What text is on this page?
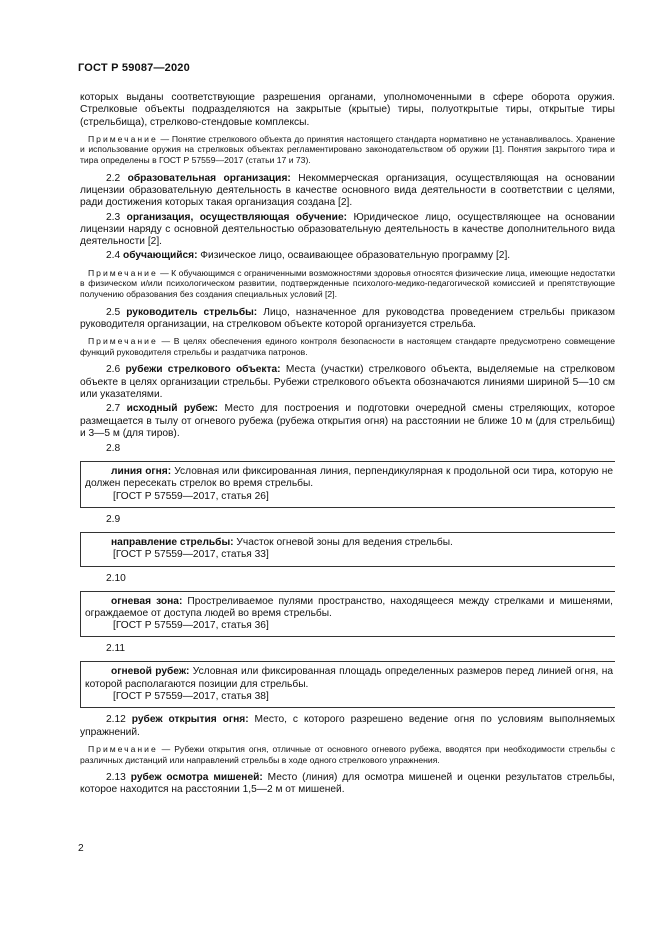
ГОСТ Р 59087—2020

которых выданы соответствующие разрешения органами, уполномоченными в сфере оборота оружия. Стрелковые объекты подразделяются на закрытые (крытые) тиры, полуоткрытые тиры, открытые тиры (стрельбища), стрелково-стендовые комплексы.

Примечание — Понятие стрелкового объекта до принятия настоящего стандарта нормативно не устанавливалось. Хранение и использование оружия на стрелковых объектах регламентировано законодательством об оружии [1]. Понятия закрытого тира и тира определены в ГОСТ Р 57559—2017 (статьи 17 и 73).

2.2 образовательная организация: Некоммерческая организация, осуществляющая на основании лицензии образовательную деятельность в качестве основного вида деятельности в соответствии с целями, ради достижения которых такая организация создана [2].

2.3 организация, осуществляющая обучение: Юридическое лицо, осуществляющее на основании лицензии наряду с основной деятельностью образовательную деятельность в качестве дополнительного вида деятельности [2].

2.4 обучающийся: Физическое лицо, осваивающее образовательную программу [2].

Примечание — К обучающимся с ограниченными возможностями здоровья относятся физические лица, имеющие недостатки в физическом и/или психологическом развитии, подтвержденные психолого-медико-педагогической комиссией и препятствующие получению образования без создания специальных условий [2].

2.5 руководитель стрельбы: Лицо, назначенное для руководства проведением стрельбы приказом руководителя организации, на стрелковом объекте которой организуется стрельба.

Примечание — В целях обеспечения единого контроля безопасности в настоящем стандарте предусмотрено совмещение функций руководителя стрельбы и раздатчика патронов.

2.6 рубежи стрелкового объекта: Места (участки) стрелкового объекта, выделяемые на стрелковом объекте в целях организации стрельбы. Рубежи стрелкового объекта обозначаются линиями шириной 5—10 см или указателями.

2.7 исходный рубеж: Место для построения и подготовки очередной смены стреляющих, которое размещается в тылу от огневого рубежа (рубежа открытия огня) на расстоянии не ближе 10 м (для стрельбищ) и 3—5 м (для тиров).

2.8

линия огня: Условная или фиксированная линия, перпендикулярная к продольной оси тира, которую не должен пересекать стрелок во время стрельбы.

[ГОСТ Р 57559—2017, статья 26]

2.9

направление стрельбы: Участок огневой зоны для ведения стрельбы.

[ГОСТ Р 57559—2017, статья 33]

2.10

огневая зона: Простреливаемое пулями пространство, находящееся между стрелками и мишенями, ограждаемое от доступа людей во время стрельбы.

[ГОСТ Р 57559—2017, статья 36]

2.11

огневой рубеж: Условная или фиксированная площадь определенных размеров перед линией огня, на которой располагаются позиции для стрельбы.

[ГОСТ Р 57559—2017, статья 38]

2.12 рубеж открытия огня: Место, с которого разрешено ведение огня по условиям выполняемых упражнений.

Примечание — Рубежи открытия огня, отличные от основного огневого рубежа, вводятся при необходимости стрельбы с различных дистанций или направлений стрельбы в ходе одного стрелкового упражнения.

2.13 рубеж осмотра мишеней: Место (линия) для осмотра мишеней и оценки результатов стрельбы, которое находится на расстоянии 1,5—2 м от мишеней.

2
